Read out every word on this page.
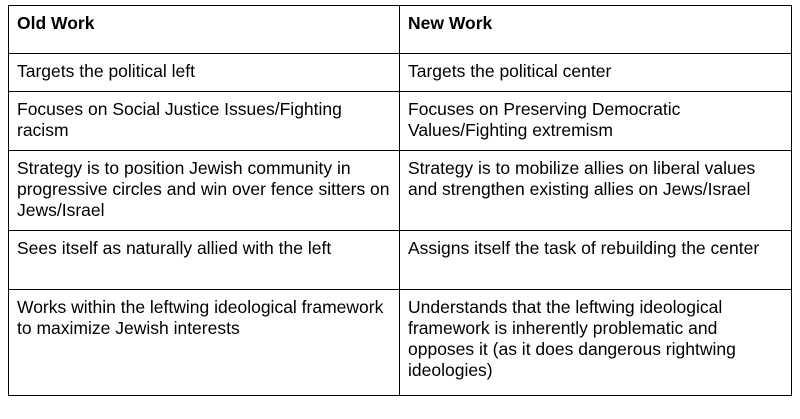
Old Work	New Work
Targets the political left	Targets the political center
Focuses on Social Justice Issues/Fighting racism	Focuses on Preserving Democratic Values/Fighting extremism
Strategy is to position Jewish community in progressive circles and win over fence sitters on Jews/Israel	Strategy is to mobilize allies on liberal values and strengthen existing allies on Jews/Israel
Sees itself as naturally allied with the left	Assigns itself the task of rebuilding the center
Works within the leftwing ideological framework to maximize Jewish interests	Understands that the leftwing ideological framework is inherently problematic and opposes it (as it does dangerous rightwing ideologies)
